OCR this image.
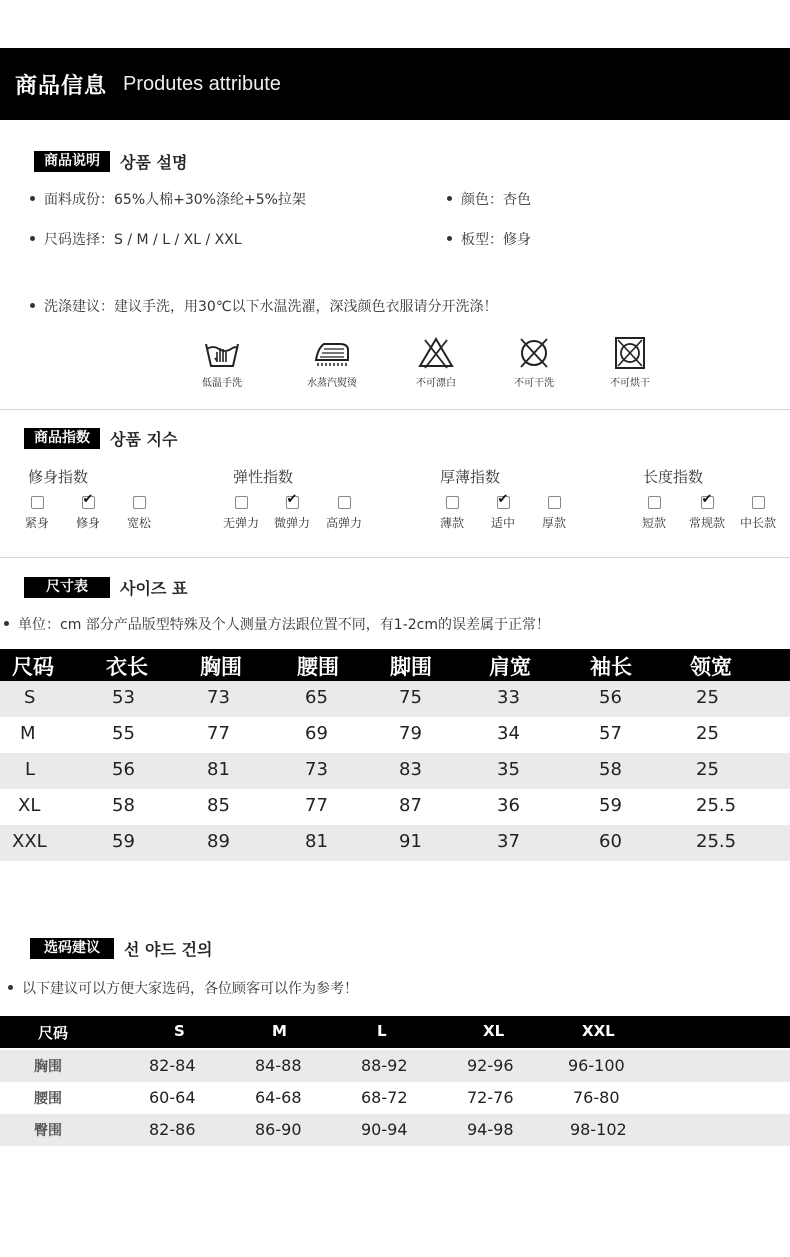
商品信息 Produtes attribute
商品说明	상품 설명
面料成份：65%人棉+30%涤纶+5%拉架	颜色：杏色
尺码选择：S / M / L / XL / XXL	板型：修身
洗涤建议：建议手洗，用30℃以下水温洗濯，深浅颜色衣服请分开洗涤！
低温手洗	水蒸汽熨烫	不可漂白	不可干洗	不可烘干
商品指数	상품 지수
修身指数	弹性指数	厚薄指数	长度指数
紧身
✔	修身	宽松	无弹力
✔	微弹力	高弹力	薄款
✔	适中	厚款	短款
✔	常规款	中长款
尺寸表	사이즈 표
单位：cm 部分产品版型特殊及个人测量方法跟位置不同，有1-2cm的误差属于正常！
尺码 衣长 胸围	腰围 脚围	肩宽	袖长	领宽
S	53	73	65	75	33	56	25
M	55	77	69	79	34	57	25
L	56	81	73	83	35	58	25
XL	58	85	77	87	36	59	25.5
XXL	59	89	81	91	37	60	25.5
选码建议	선 야드 건의
以下建议可以方便大家选码，各位顾客可以作为参考！
尺码	S	M	L	XL	XXL
胸围	82-84	84-88	88-92	92-96	96-100
腰围	60-64	64-68	68-72	72-76	76-80
臀围	82-86	86-90	90-94	94-98	98-102
